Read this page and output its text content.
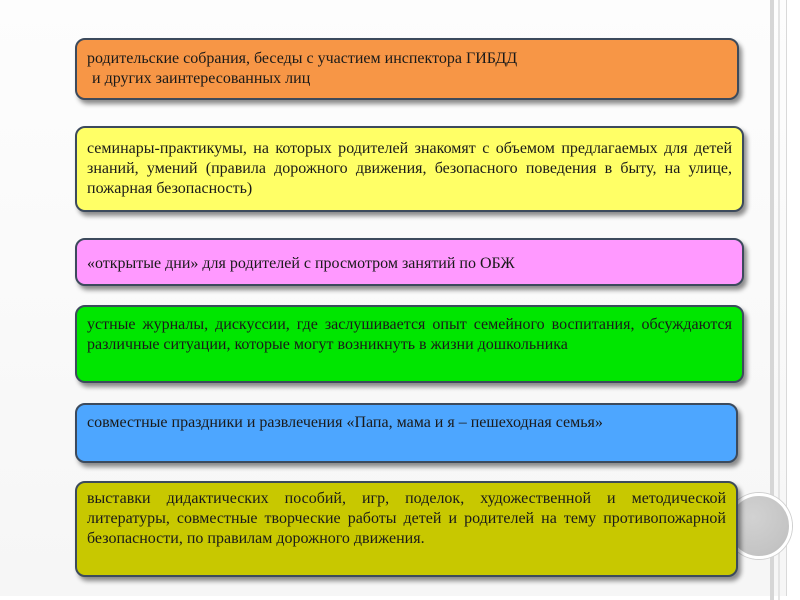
родительские собрания, беседы с участием инспектора ГИБДД

и других заинтересованных лиц

семинары-практикумы, на которых родителей знакомят с объемом предлагаемых для детей знаний, умений (правила дорожного движения, безопасного поведения в быту, на улице, пожарная безопасность)

«открытые дни» для родителей с просмотром занятий по ОБЖ

устные журналы, дискуссии, где заслушивается опыт семейного воспитания, обсуждаются различные ситуации, которые могут возникнуть в жизни дошкольника

совместные праздники и развлечения «Папа, мама и я – пешеходная семья»

выставки дидактических пособий, игр, поделок, художественной и методической литературы, совместные творческие работы детей и родителей на тему противопожарной безопасности, по правилам дорожного движения.
